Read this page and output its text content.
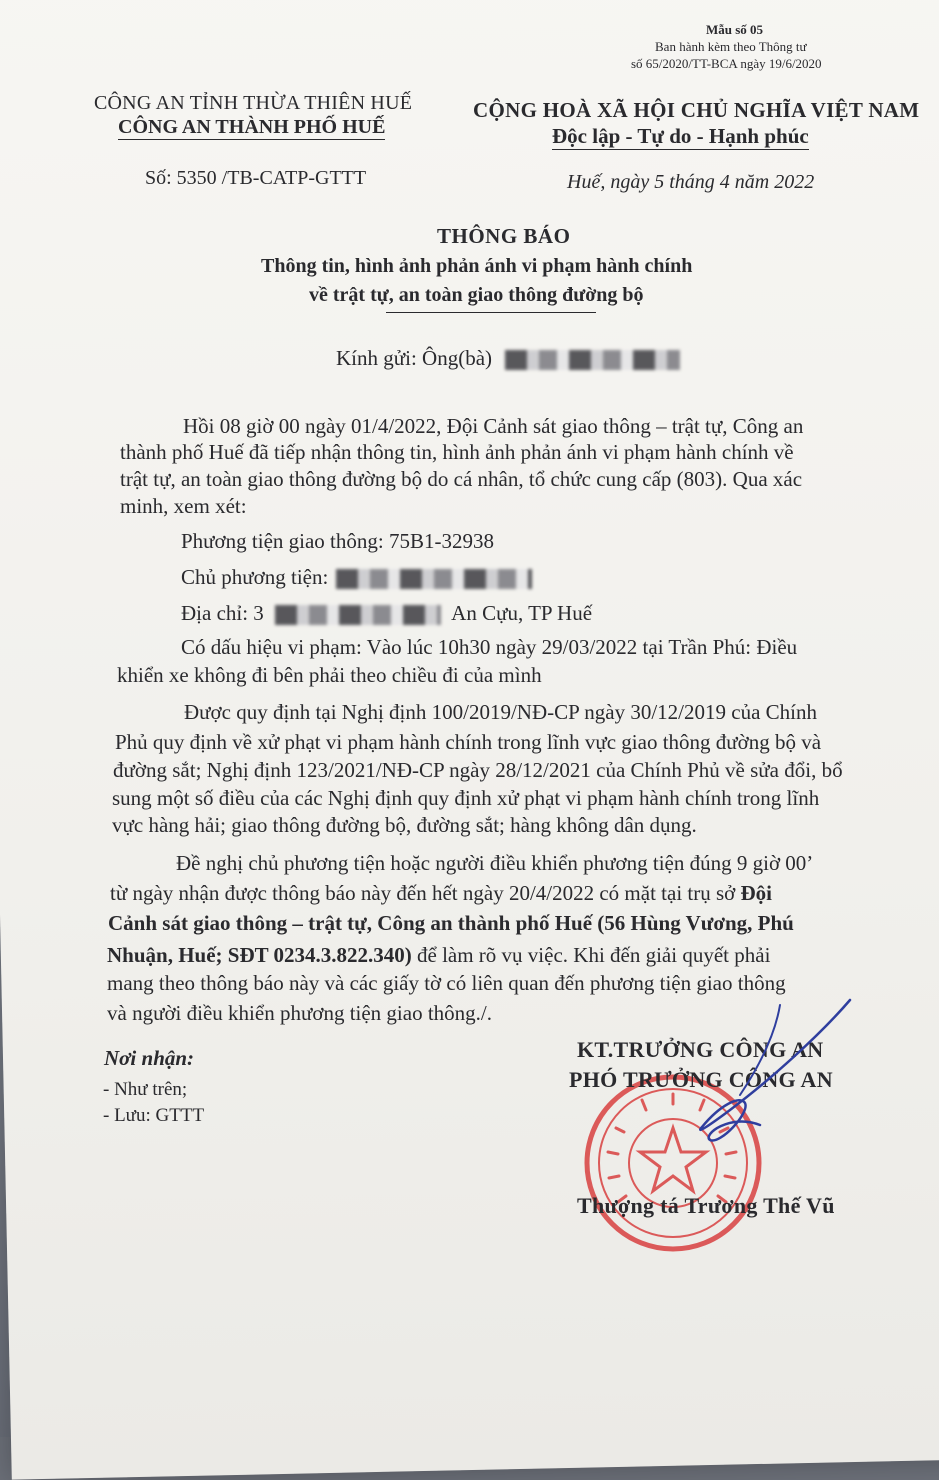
Mẫu số 05
Ban hành kèm theo Thông tư
số 65/2020/TT-BCA ngày 19/6/2020
CÔNG AN TỈNH THỪA THIÊN HUẾ
CÔNG AN THÀNH PHỐ HUẾ
CỘNG HOÀ XÃ HỘI CHỦ NGHĨA VIỆT NAM
Độc lập - Tự do - Hạnh phúc
Số: 5350 /TB-CATP-GTTT	Huế, ngày 5 tháng 4 năm 2022
THÔNG BÁO
Thông tin, hình ảnh phản ánh vi phạm hành chính
về trật tự, an toàn giao thông đường bộ
Kính gửi: Ông(bà)
Hồi 08 giờ 00 ngày 01/4/2022, Đội Cảnh sát giao thông – trật tự, Công an
thành phố Huế đã tiếp nhận thông tin, hình ảnh phản ánh vi phạm hành chính về
trật tự, an toàn giao thông đường bộ do cá nhân, tổ chức cung cấp (803). Qua xác
minh, xem xét:
Phương tiện giao thông: 75B1-32938
Chủ phương tiện:
Địa chỉ: 3	An Cựu, TP Huế
Có dấu hiệu vi phạm: Vào lúc 10h30 ngày 29/03/2022 tại Trần Phú: Điều
khiển xe không đi bên phải theo chiều đi của mình
Được quy định tại Nghị định 100/2019/NĐ-CP ngày 30/12/2019 của Chính
Phủ quy định về xử phạt vi phạm hành chính trong lĩnh vực giao thông đường bộ và
đường sắt; Nghị định 123/2021/NĐ-CP ngày 28/12/2021 của Chính Phủ về sửa đổi, bổ
sung một số điều của các Nghị định quy định xử phạt vi phạm hành chính trong lĩnh
vực hàng hải; giao thông đường bộ, đường sắt; hàng không dân dụng.
Đề nghị chủ phương tiện hoặc người điều khiển phương tiện đúng 9 giờ 00’
từ ngày nhận được thông báo này đến hết ngày 20/4/2022 có mặt tại trụ sở Đội
Cảnh sát giao thông – trật tự, Công an thành phố Huế (56 Hùng Vương, Phú
Nhuận, Huế; SĐT 0234.3.822.340) để làm rõ vụ việc. Khi đến giải quyết phải
mang theo thông báo này và các giấy tờ có liên quan đến phương tiện giao thông
và người điều khiển phương tiện giao thông./.
Nơi nhận:
- Như trên;
- Lưu: GTTT
KT.TRƯỞNG CÔNG AN
PHÓ TRƯỞNG CÔNG AN
Thượng tá Trương Thế Vũ
